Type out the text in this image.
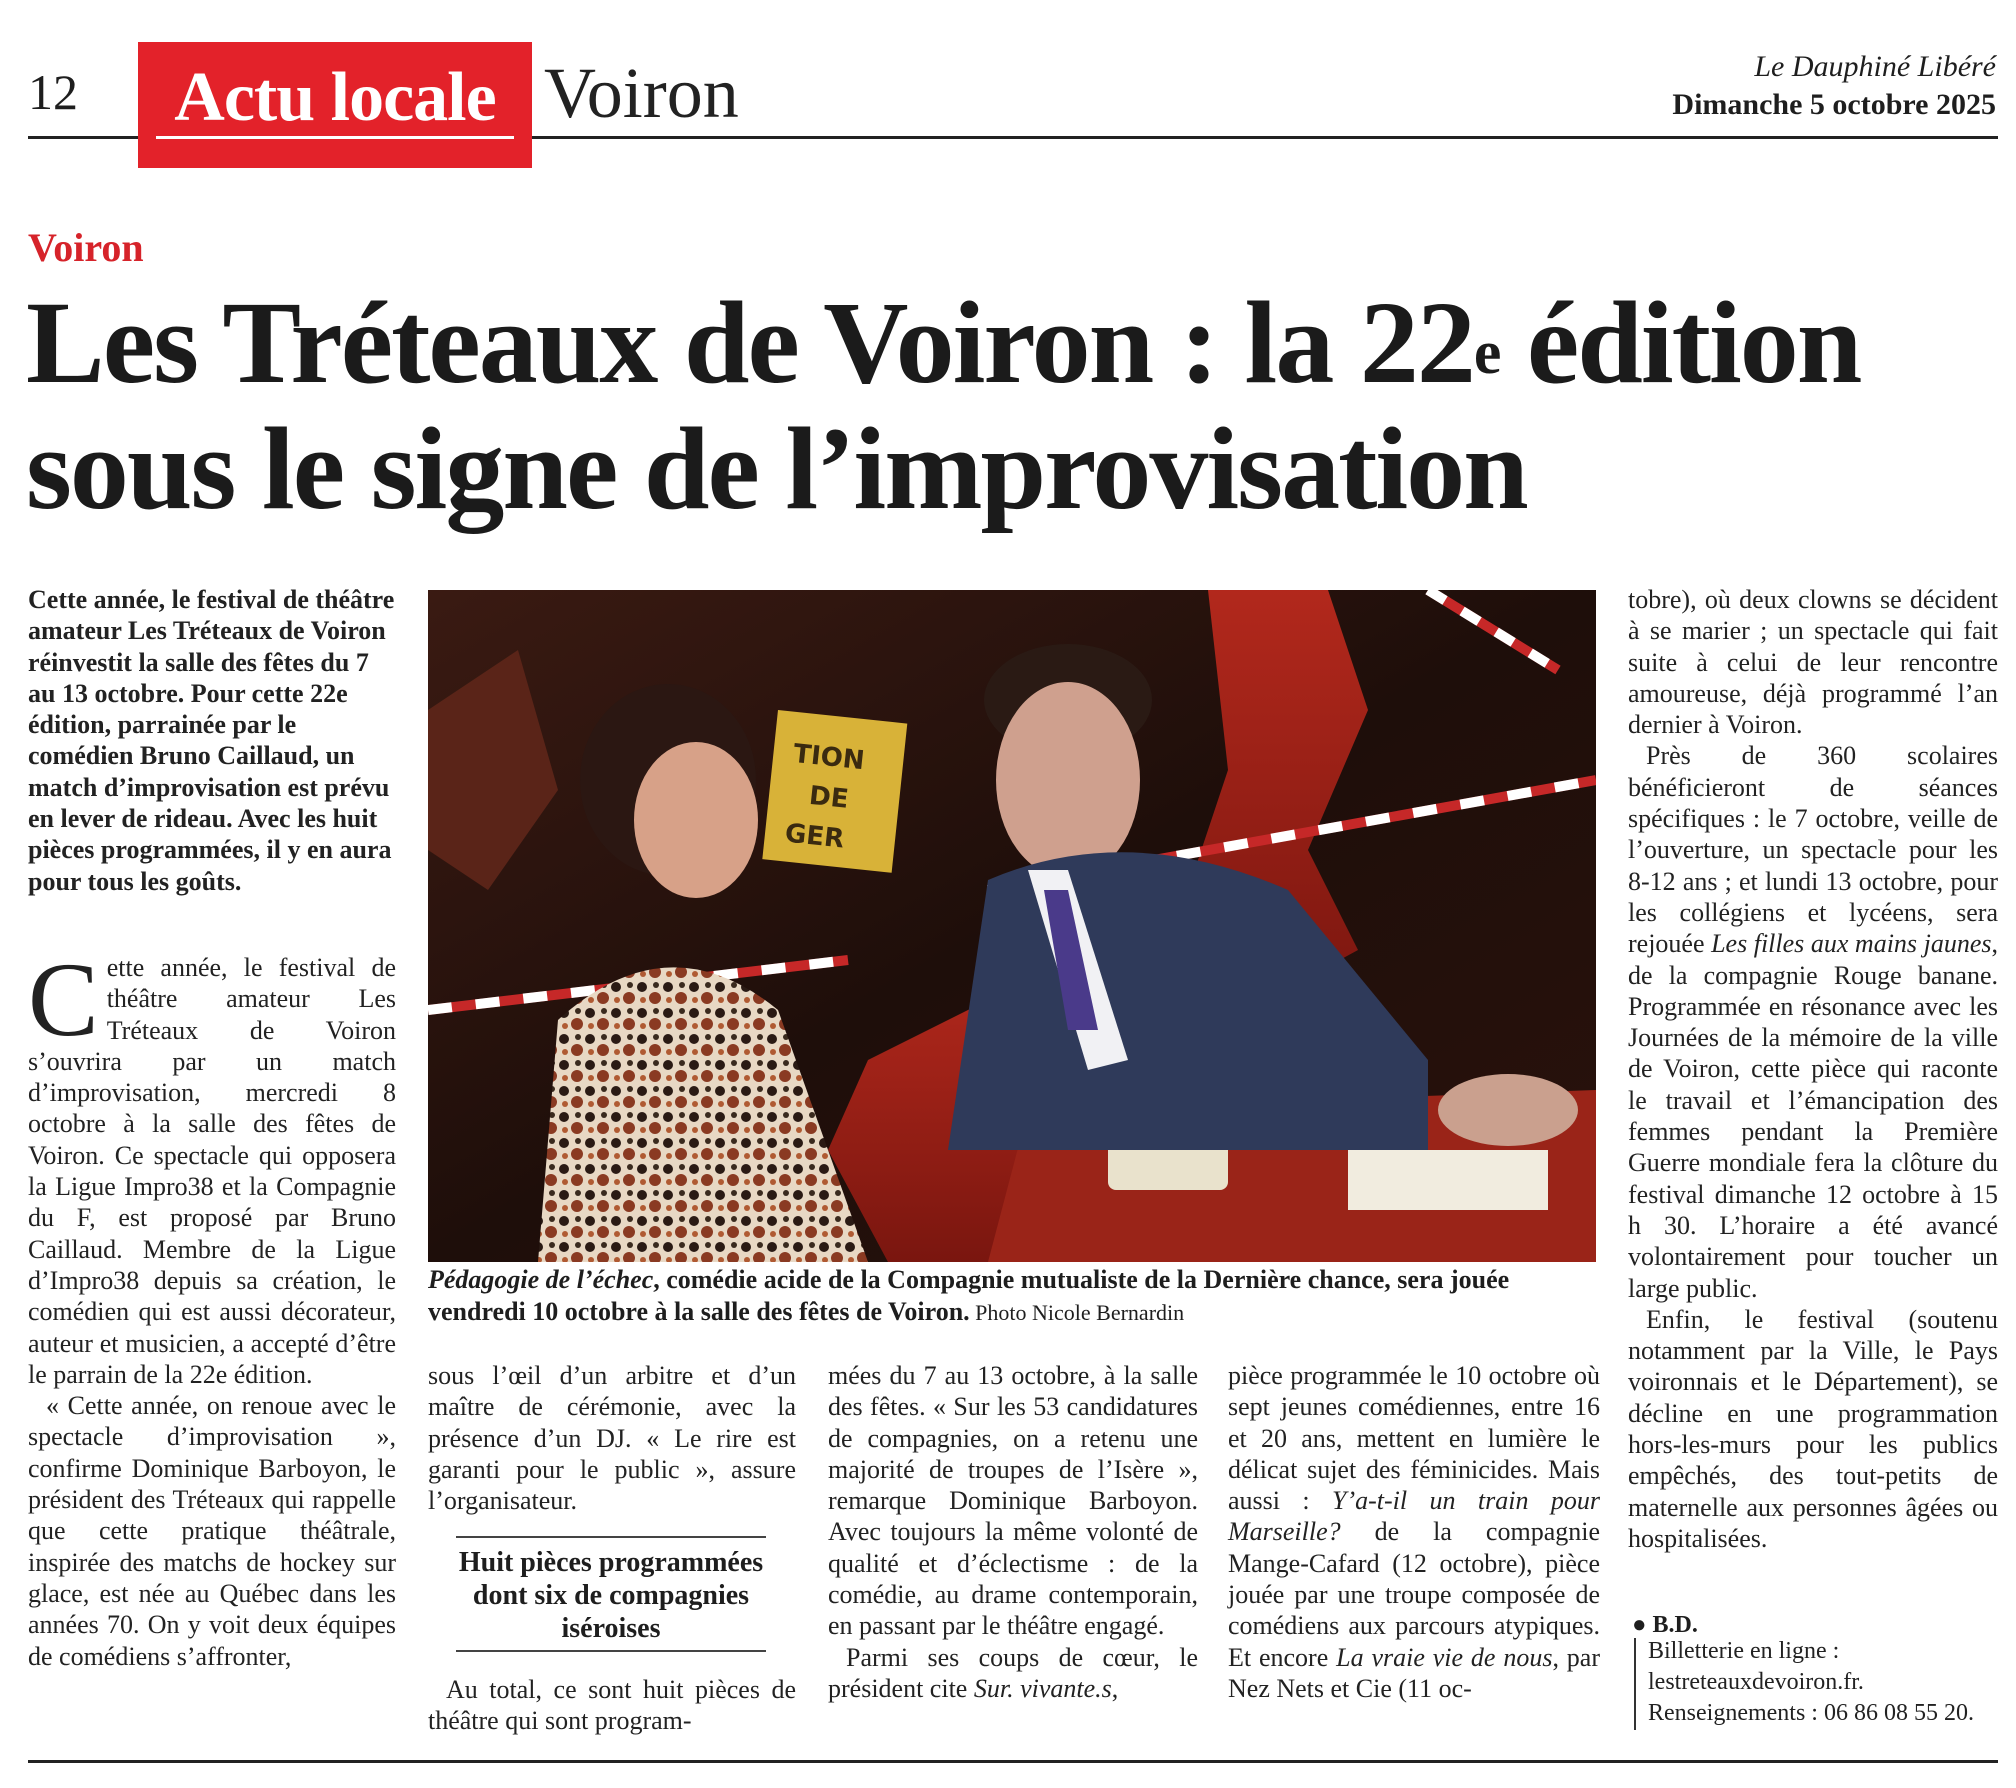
12	Actu locale Voiron	Le Dauphiné Libéré
Dimanche 5 octobre 2025
Voiron
Les Tréteaux de Voiron : la 22e édition
sous le signe de l’improvisation
Cette année, le festival de théâtre amateur Les Tréteaux de Voiron réinvestit la salle des fêtes du 7 au 13 octobre. Pour cette 22e édition, parrainée par le comédien Bruno Caillaud, un match d’improvisation est prévu en lever de rideau. Avec les huit pièces programmées, il y en aura pour tous les goûts.

Cette année, le festival de théâtre amateur Les Tréteaux de Voiron s’ouvrira par un match d’improvisation, mercredi 8 octobre à la salle des fêtes de Voiron. Ce spectacle qui opposera la Ligue Impro38 et la Compagnie du F, est proposé par Bruno Caillaud. Membre de la Ligue d’Impro38 depuis sa création, le comédien qui est aussi décorateur, auteur et musicien, a accepté d’être le parrain de la 22e édition.

« Cette année, on renoue avec le spectacle d’improvisation », confirme Dominique Barboyon, le président des Tréteaux qui rappelle que cette pratique théâtrale, inspirée des matchs de hockey sur glace, est née au Québec dans les années 70. On y voit deux équipes de comédiens s’affronter,

TION
DE
GER
Pédagogie de l’échec, comédie acide de la Compagnie mutualiste de la Dernière chance, sera jouée vendredi 10 octobre à la salle des fêtes de Voiron. Photo Nicole Bernardin

sous l’œil d’un arbitre et d’un maître de cérémonie, avec la présence d’un DJ. « Le rire est garanti pour le public », assure l’organisateur.

Huit pièces programmées dont six de compagnies iséroises

Au total, ce sont huit pièces de théâtre qui sont program-

mées du 7 au 13 octobre, à la salle des fêtes. « Sur les 53 candidatures de compagnies, on a retenu une majorité de troupes de l’Isère », remarque Dominique Barboyon. Avec toujours la même volonté de qualité et d’éclectisme : de la comédie, au drame contemporain, en passant par le théâtre engagé.

Parmi ses coups de cœur, le président cite Sur. vivante.s,

pièce programmée le 10 octobre où sept jeunes comédiennes, entre 16 et 20 ans, mettent en lumière le délicat sujet des féminicides. Mais aussi : Y’a-t-il un train pour Marseille? de la compagnie Mange-Cafard (12 octobre), pièce jouée par une troupe composée de comédiens aux parcours atypiques. Et encore La vraie vie de nous, par Nez Nets et Cie (11 oc-

tobre), où deux clowns se décident à se marier ; un spectacle qui fait suite à celui de leur rencontre amoureuse, déjà programmé l’an dernier à Voiron.

Près de 360 scolaires bénéficieront de séances spécifiques : le 7 octobre, veille de l’ouverture, un spectacle pour les 8-12 ans ; et lundi 13 octobre, pour les collégiens et lycéens, sera rejouée Les filles aux mains jaunes, de la compagnie Rouge banane. Programmée en résonance avec les Journées de la mémoire de la ville de Voiron, cette pièce qui raconte le travail et l’émancipation des femmes pendant la Première Guerre mondiale fera la clôture du festival dimanche 12 octobre à 15 h 30. L’horaire a été avancé volontairement pour toucher un large public.

Enfin, le festival (soutenu notamment par la Ville, le Pays voironnais et le Département), se décline en une programmation hors-les-murs pour les publics empêchés, des tout-petits de maternelle aux personnes âgées ou hospitalisées.

● B.D.
Billetterie en ligne : lestreteauxdevoiron.fr. Renseignements : 06 86 08 55 20.
